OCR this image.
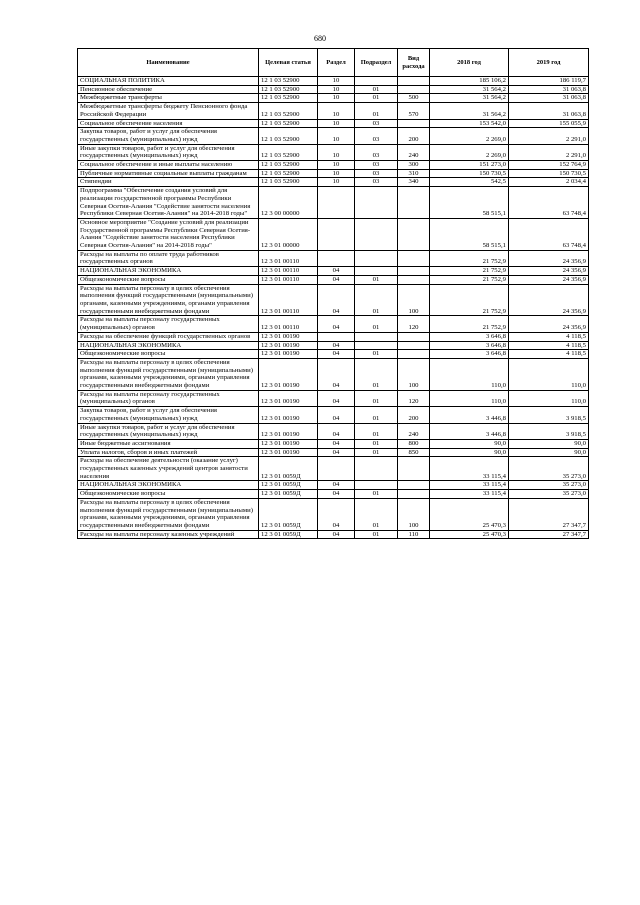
680
Наименование	Целевая статья	Раздел	Подраздел	Вид расхода	2018 год	2019 год
СОЦИАЛЬНАЯ ПОЛИТИКА	12 1 03 52900	10			185 106,2	186 119,7
Пенсионное обеспечение	12 1 03 52900	10	01		31 564,2	31 063,8
Межбюджетные трансферты	12 1 03 52900	10	01	500	31 564,2	31 063,8
Межбюджетные трансферты бюджету Пенсионного фонда Российской Федерации	12 1 03 52900	10	01	570	31 564,2	31 063,8
Социальное обеспечение населения	12 1 03 52900	10	03		153 542,0	155 055,9
Закупка товаров, работ и услуг для обеспечения государственных (муниципальных) нужд	12 1 03 52900	10	03	200	2 269,0	2 291,0
Иные закупки товаров, работ и услуг для обеспечения государственных (муниципальных) нужд	12 1 03 52900	10	03	240	2 269,0	2 291,0
Социальное обеспечение и иные выплаты населению	12 1 03 52900	10	03	300	151 273,0	152 764,9
Публичные нормативные социальные выплаты гражданам	12 1 03 52900	10	03	310	150 730,5	150 730,5
Стипендии	12 1 03 52900	10	03	340	542,5	2 034,4
Подпрограмма "Обеспечение создания условий для реализации государственной программы Республики Северная Осетия-Алания "Содействие занятости населения Республики Северная Осетия-Алания" на 2014-2018 годы"	12 3 00 00000				58 515,1	63 748,4
Основное мероприятие "Создание условий для реализации Государственной программы Республики Северная Осетия-Алания "Содействие занятости населения Республики Северная Осетия-Алания" на 2014-2018 годы"	12 3 01 00000				58 515,1	63 748,4
Расходы на выплаты по оплате труда работников государственных органов	12 3 01 00110				21 752,9	24 356,9
НАЦИОНАЛЬНАЯ ЭКОНОМИКА	12 3 01 00110	04			21 752,9	24 356,9
Общеэкономические вопросы	12 3 01 00110	04	01		21 752,9	24 356,9
Расходы на выплаты персоналу в целях обеспечения выполнения функций государственными (муниципальными) органами, казенными учреждениями, органами управления государственными внебюджетными фондами	12 3 01 00110	04	01	100	21 752,9	24 356,9
Расходы на выплаты персоналу государственных (муниципальных) органов	12 3 01 00110	04	01	120	21 752,9	24 356,9
Расходы на обеспечение функций государственных органов	12 3 01 00190				3 646,8	4 118,5
НАЦИОНАЛЬНАЯ ЭКОНОМИКА	12 3 01 00190	04			3 646,8	4 118,5
Общеэкономические вопросы	12 3 01 00190	04	01		3 646,8	4 118,5
Расходы на выплаты персоналу в целях обеспечения выполнения функций государственными (муниципальными) органами, казенными учреждениями, органами управления государственными внебюджетными фондами	12 3 01 00190	04	01	100	110,0	110,0
Расходы на выплаты персоналу государственных (муниципальных) органов	12 3 01 00190	04	01	120	110,0	110,0
Закупка товаров, работ и услуг для обеспечения государственных (муниципальных) нужд	12 3 01 00190	04	01	200	3 446,8	3 918,5
Иные закупки товаров, работ и услуг для обеспечения государственных (муниципальных) нужд	12 3 01 00190	04	01	240	3 446,8	3 918,5
Иные бюджетные ассигнования	12 3 01 00190	04	01	800	90,0	90,0
Уплата налогов, сборов и иных платежей	12 3 01 00190	04	01	850	90,0	90,0
Расходы на обеспечение деятельности (оказание услуг) государственных казенных учреждений центров занятости населения	12 3 01 0059Д				33 115,4	35 273,0
НАЦИОНАЛЬНАЯ ЭКОНОМИКА	12 3 01 0059Д	04			33 115,4	35 273,0
Общеэкономические вопросы	12 3 01 0059Д	04	01		33 115,4	35 273,0
Расходы на выплаты персоналу в целях обеспечения выполнения функций государственными (муниципальными) органами, казенными учреждениями, органами управления государственными внебюджетными фондами	12 3 01 0059Д	04	01	100	25 470,3	27 347,7
Расходы на выплаты персоналу казенных учреждений	12 3 01 0059Д	04	01	110	25 470,3	27 347,7
